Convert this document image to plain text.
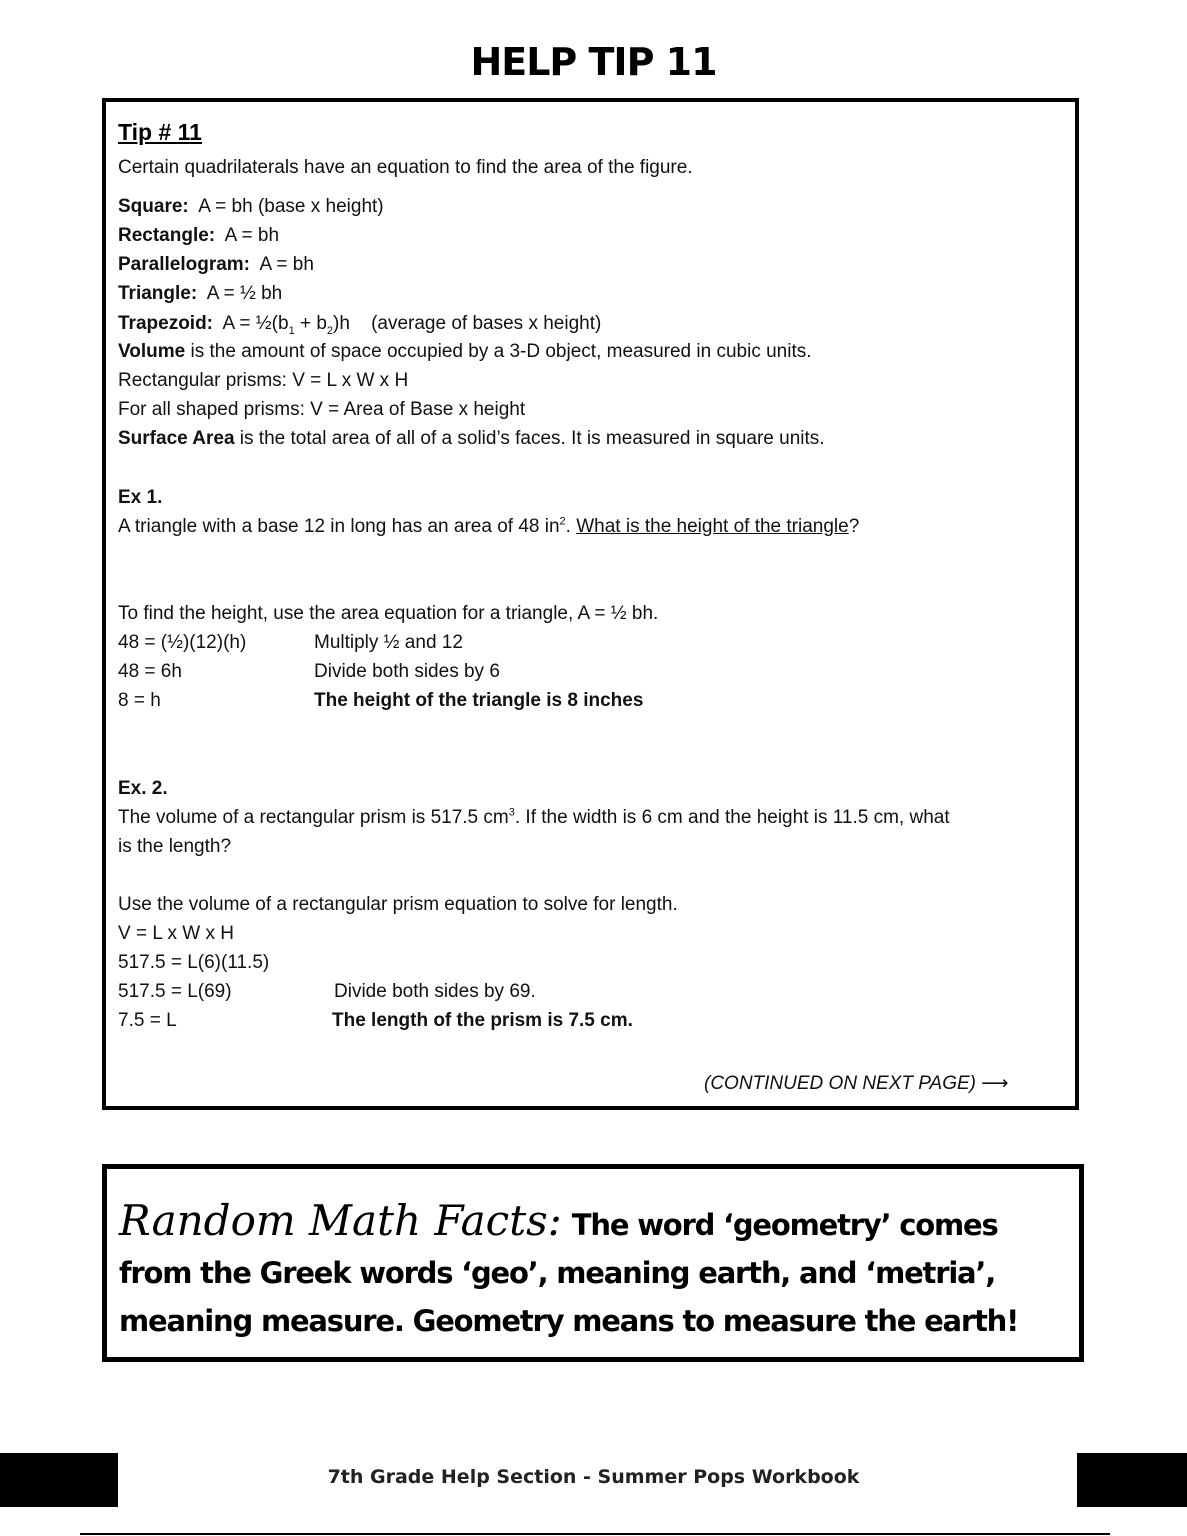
HELP TIP 11
Tip # 11
Certain quadrilaterals have an equation to find the area of the figure.
Square: A = bh (base x height)
Rectangle: A = bh
Parallelogram: A = bh
Triangle: A = ½ bh
Trapezoid: $A = \frac{1}{2}(b_1 + b_2)h$ (average of bases x height)
Volume is the amount of space occupied by a 3-D object, measured in cubic units.
Rectangular prisms: V = L x W x H
For all shaped prisms: V = Area of Base x height
Surface Area is the total area of all of a solid’s faces. It is measured in square units.
Ex 1.
A triangle with a base 12 in long has an area of 48 $in^2$. What is the height of the triangle?
To find the height, use the area equation for a triangle, A = ½ bh.
48 = (½)(12)(h)	Multiply ½ and 12
48 = 6h	Divide both sides by 6
8 = h	The height of the triangle is 8 inches
Ex. 2.
The volume of a rectangular prism is 517.5 $cm^3$. If the width is 6 cm and the height is 11.5 cm, what
is the length?
Use the volume of a rectangular prism equation to solve for length.
V = L x W x H
517.5 = L(6)(11.5)
517.5 = L(69)	Divide both sides by 69.
7.5 = L	The length of the prism is 7.5 cm.
(CONTINUED ON NEXT PAGE) ⟶
Random Math Facts: The word ‘geometry’ comes from the Greek words ‘geo’, meaning earth, and ‘metria’, meaning measure. Geometry means to measure the earth!
7th Grade Help Section - Summer Pops Workbook
